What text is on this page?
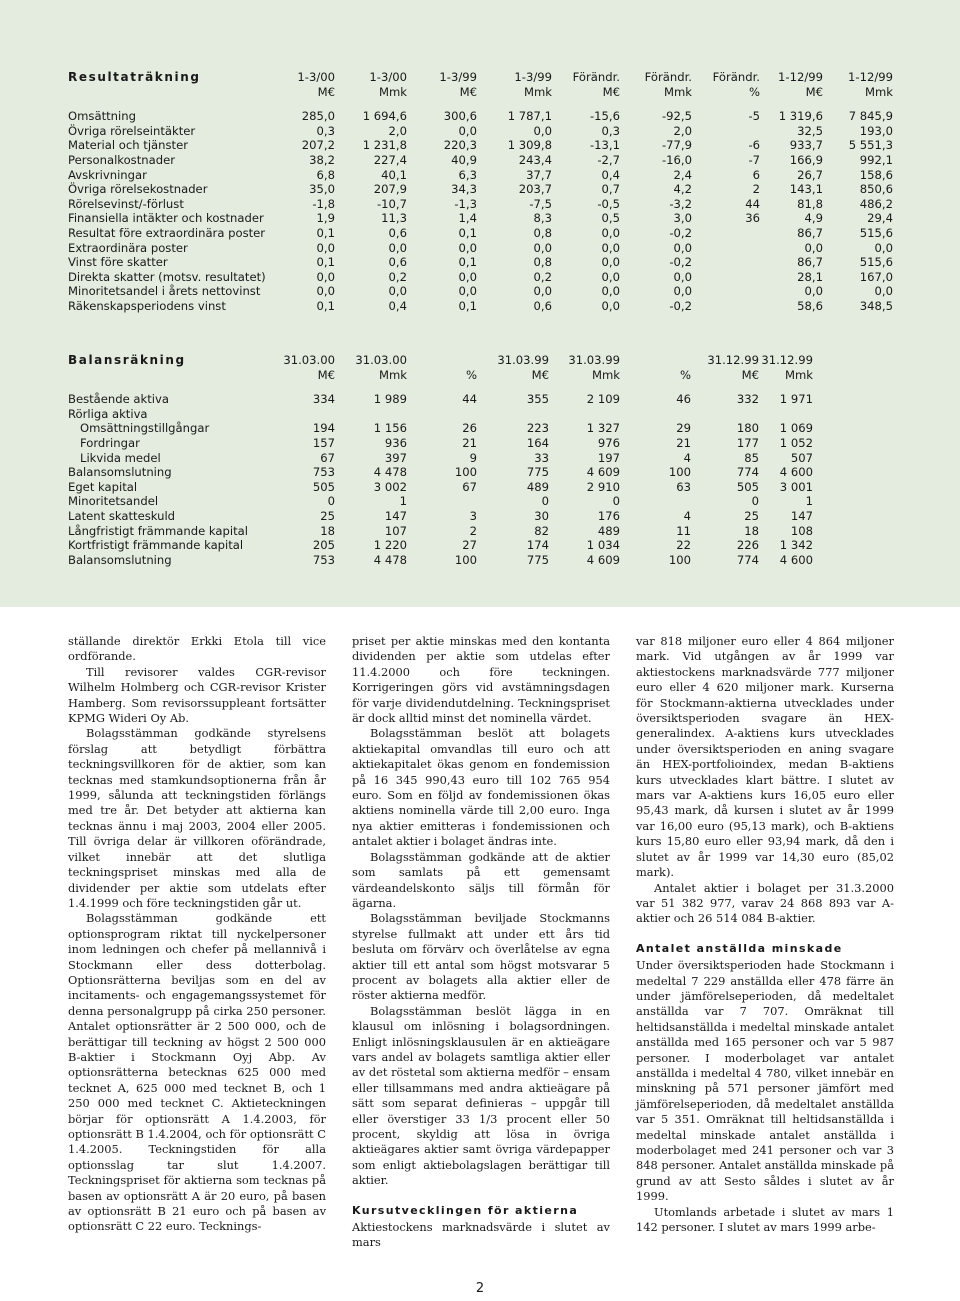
Resultaträkning	1-3/00	1-3/00	1-3/99	1-3/99	Förändr.	Förändr.	Förändr.	1-12/99	1-12/99
	M€	Mmk	M€	Mmk	M€	Mmk	%	M€	Mmk

Omsättning	285,0	1 694,6	300,6	1 787,1	-15,6	-92,5	-5	1 319,6	7 845,9
Övriga rörelseintäkter	0,3	2,0	0,0	0,0	0,3	2,0		32,5	193,0
Material och tjänster	207,2	1 231,8	220,3	1 309,8	-13,1	-77,9	-6	933,7	5 551,3
Personalkostnader	38,2	227,4	40,9	243,4	-2,7	-16,0	-7	166,9	992,1
Avskrivningar	6,8	40,1	6,3	37,7	0,4	2,4	6	26,7	158,6
Övriga rörelsekostnader	35,0	207,9	34,3	203,7	0,7	4,2	2	143,1	850,6
Rörelsevinst/-förlust	-1,8	-10,7	-1,3	-7,5	-0,5	-3,2	44	81,8	486,2
Finansiella intäkter och kostnader	1,9	11,3	1,4	8,3	0,5	3,0	36	4,9	29,4
Resultat före extraordinära poster	0,1	0,6	0,1	0,8	0,0	-0,2		86,7	515,6
Extraordinära poster	0,0	0,0	0,0	0,0	0,0	0,0		0,0	0,0
Vinst före skatter	0,1	0,6	0,1	0,8	0,0	-0,2		86,7	515,6
Direkta skatter (motsv. resultatet)	0,0	0,2	0,0	0,2	0,0	0,0		28,1	167,0
Minoritetsandel i årets nettovinst	0,0	0,0	0,0	0,0	0,0	0,0		0,0	0,0
Räkenskapsperiodens vinst	0,1	0,4	0,1	0,6	0,0	-0,2		58,6	348,5
Balansräkning	31.03.00	31.03.00		31.03.99	31.03.99		31.12.99	31.12.99
	M€	Mmk	%	M€	Mmk	%	M€	Mmk

Bestående aktiva	334	1 989	44	355	2 109	46	332	1 971
Rörliga aktiva								
Omsättningstillgångar	194	1 156	26	223	1 327	29	180	1 069
Fordringar	157	936	21	164	976	21	177	1 052
Likvida medel	67	397	9	33	197	4	85	507
Balansomslutning	753	4 478	100	775	4 609	100	774	4 600
Eget kapital	505	3 002	67	489	2 910	63	505	3 001
Minoritetsandel	0	1		0	0		0	1
Latent skatteskuld	25	147	3	30	176	4	25	147
Långfristigt främmande kapital	18	107	2	82	489	11	18	108
Kortfristigt främmande kapital	205	1 220	27	174	1 034	22	226	1 342
Balansomslutning	753	4 478	100	775	4 609	100	774	4 600

ställande direktör Erkki Etola till vice ordförande.

Till revisorer valdes CGR-revisor Wilhelm Holmberg och CGR-revisor Krister Hamberg. Som revisorssuppleant fortsätter KPMG Wideri Oy Ab.

Bolagsstämman godkände styrelsens förslag att betydligt förbättra teckningsvillkoren för de aktier, som kan tecknas med stamkundsoptionerna från år 1999, sålunda att teckningstiden förlängs med tre år. Det betyder att aktierna kan tecknas ännu i maj 2003, 2004 eller 2005. Till övriga delar är villkoren oförändrade, vilket innebär att det slutliga teckningspriset minskas med alla de dividender per aktie som utdelats efter 1.4.1999 och före teckningstiden går ut.

Bolagsstämman godkände ett optionsprogram riktat till nyckelpersoner inom ledningen och chefer på mellannivå i Stockmann eller dess dotterbolag. Optionsrätterna beviljas som en del av incitaments- och engagemangssystemet för denna personalgrupp på cirka 250 personer. Antalet optionsrätter är 2 500 000, och de berättigar till teckning av högst 2 500 000 B-aktier i Stockmann Oyj Abp. Av optionsrätterna betecknas 625 000 med tecknet A, 625 000 med tecknet B, och 1 250 000 med tecknet C. Aktieteckningen börjar för optionsrätt A 1.4.2003, för optionsrätt B 1.4.2004, och för optionsrätt C 1.4.2005. Teckningstiden för alla optionsslag tar slut 1.4.2007. Teckningspriset för aktierna som tecknas på basen av optionsrätt A är 20 euro, på basen av optionsrätt B 21 euro och på basen av optionsrätt C 22 euro. Tecknings-

priset per aktie minskas med den kontanta dividenden per aktie som utdelas efter 11.4.2000 och före teckningen. Korrigeringen görs vid avstämningsdagen för varje dividendutdelning. Teckningspriset är dock alltid minst det nominella värdet.

Bolagsstämman beslöt att bolagets aktiekapital omvandlas till euro och att aktiekapitalet ökas genom en fondemission på 16 345 990,43 euro till 102 765 954 euro. Som en följd av fondemissionen ökas aktiens nominella värde till 2,00 euro. Inga nya aktier emitteras i fondemissionen och antalet aktier i bolaget ändras inte.

Bolagsstämman godkände att de aktier som samlats på ett gemensamt värdeandelskonto säljs till förmån för ägarna.

Bolagsstämman beviljade Stockmanns styrelse fullmakt att under ett års tid besluta om förvärv och överlåtelse av egna aktier till ett antal som högst motsvarar 5 procent av bolagets alla aktier eller de röster aktierna medför.

Bolagsstämman beslöt lägga in en klausul om inlösning i bolagsordningen. Enligt inlösningsklausulen är en aktieägare vars andel av bolagets samtliga aktier eller av det röstetal som aktierna medför – ensam eller tillsammans med andra aktieägare på sätt som separat definieras – uppgår till eller överstiger 33 1/3 procent eller 50 procent, skyldig att lösa in övriga aktieägares aktier samt övriga värdepapper som enligt aktiebolagslagen berättigar till aktier.

Kursutvecklingen för aktierna

Aktiestockens marknadsvärde i slutet av mars

var 818 miljoner euro eller 4 864 miljoner mark. Vid utgången av år 1999 var aktiestockens marknadsvärde 777 miljoner euro eller 4 620 miljoner mark. Kurserna för Stockmann-aktierna utvecklades under översiktsperioden svagare än HEX-generalindex. A-aktiens kurs utvecklades under översiktsperioden en aning svagare än HEX-portfolioindex, medan B-aktiens kurs utvecklades klart bättre. I slutet av mars var A-aktiens kurs 16,05 euro eller 95,43 mark, då kursen i slutet av år 1999 var 16,00 euro (95,13 mark), och B-aktiens kurs 15,80 euro eller 93,94 mark, då den i slutet av år 1999 var 14,30 euro (85,02 mark).

Antalet aktier i bolaget per 31.3.2000 var 51 382 977, varav 24 868 893 var A-aktier och 26 514 084 B-aktier.

Antalet anställda minskade

Under översiktsperioden hade Stockmann i medeltal 7 229 anställda eller 478 färre än under jämförelseperioden, då medeltalet anställda var 7 707. Omräknat till heltidsanställda i medeltal minskade antalet anställda med 165 personer och var 5 987 personer. I moderbolaget var antalet anställda i medeltal 4 780, vilket innebär en minskning på 571 personer jämfört med jämförelseperioden, då medeltalet anställda var 5 351. Omräknat till heltidsanställda i medeltal minskade antalet anställda i moderbolaget med 241 personer och var 3 848 personer. Antalet anställda minskade på grund av att Sesto såldes i slutet av år 1999.

Utomlands arbetade i slutet av mars 1 142 personer. I slutet av mars 1999 arbe-

2
